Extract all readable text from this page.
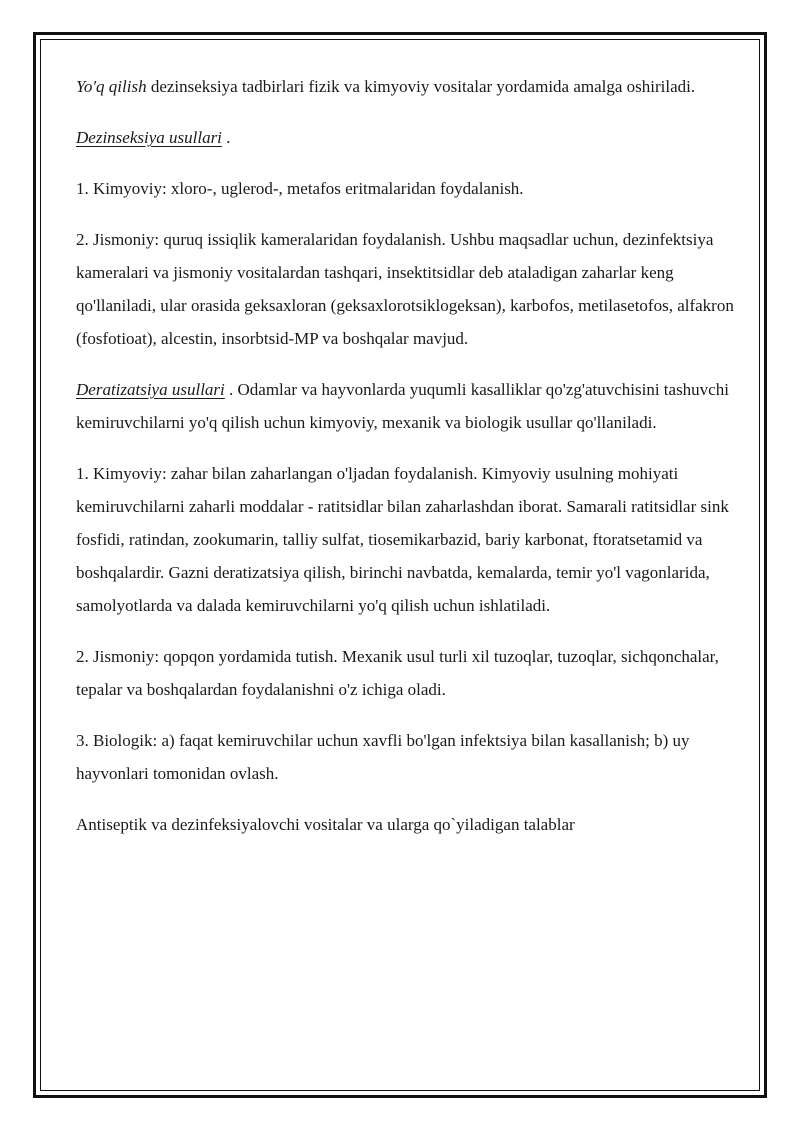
Yo'q qilish dezinseksiya tadbirlari fizik va kimyoviy vositalar yordamida amalga oshiriladi.

Dezinseksiya usullari .

1. Kimyoviy: xloro-, uglerod-, metafos eritmalaridan foydalanish.

2. Jismoniy: quruq issiqlik kameralaridan foydalanish. Ushbu maqsadlar uchun, dezinfektsiya kameralari va jismoniy vositalardan tashqari, insektitsidlar deb ataladigan zaharlar keng qo'llaniladi, ular orasida geksaxloran (geksaxlorotsiklogeksan), karbofos, metilasetofos, alfakron (fosfotioat), alcestin, insorbtsid-MP va boshqalar mavjud.

Deratizatsiya usullari . Odamlar va hayvonlarda yuqumli kasalliklar qo'zg'atuvchisini tashuvchi kemiruvchilarni yo'q qilish uchun kimyoviy, mexanik va biologik usullar qo'llaniladi.

1. Kimyoviy: zahar bilan zaharlangan o'ljadan foydalanish. Kimyoviy usulning mohiyati kemiruvchilarni zaharli moddalar - ratitsidlar bilan zaharlashdan iborat. Samarali ratitsidlar sink fosfidi, ratindan, zookumarin, talliy sulfat, tiosemikarbazid, bariy karbonat, ftoratsetamid va boshqalardir. Gazni deratizatsiya qilish, birinchi navbatda, kemalarda, temir yo'l vagonlarida, samolyotlarda va dalada kemiruvchilarni yo'q qilish uchun ishlatiladi.

2. Jismoniy: qopqon yordamida tutish. Mexanik usul turli xil tuzoqlar, tuzoqlar, sichqonchalar, tepalar va boshqalardan foydalanishni o'z ichiga oladi.

3. Biologik: a) faqat kemiruvchilar uchun xavfli bo'lgan infektsiya bilan kasallanish; b) uy hayvonlari tomonidan ovlash.

Antiseptik va dezinfeksiyalovchi vositalar va ularga qo`yiladigan talablar
